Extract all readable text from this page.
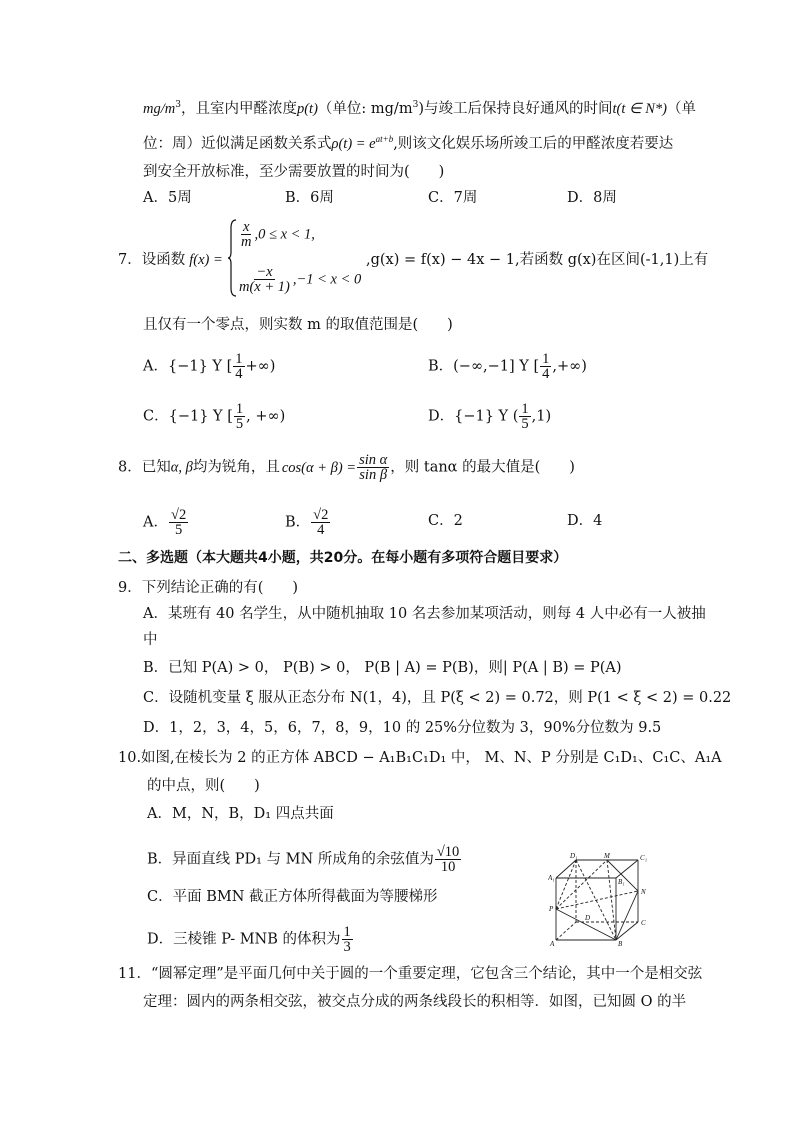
$mg/m^3$，且室内甲醛浓度p(t)（单位: $mg/m^3$)与竣工后保持良好通风的时间t(t ∈ N*)（单
位：周）近似满足函数关系式$\rho(t) = e^{at+b}$,则该文化娱乐场所竣工后的甲醛浓度若要达
到安全开放标准，至少需要放置的时间为(　　)
A．5周	B．6周	C．7周	D．8周
7．设函数 f(x) =
$\frac{x}{m} ,0 \le x < 1$,
$\frac{-x}{m(x + 1)} ,-1 < x < 0$
,g(x) = f(x) − 4x − 1,若函数 g(x)在区间(-1,1)上有
且仅有一个零点，则实数 m 的取值范围是(　　)
A．{−1} Y [ $\frac{1}{4}$ +∞)	B．(−∞,−1] Y [ $\frac{1}{4}$ ,+∞)
C．{−1} Y [ $\frac{1}{5}$ , +∞)	D．{−1} Y ( $\frac{1}{5} ,1$)
8．已知α, β均为锐角，且 $\cos(\alpha + \beta) = \frac{\text{sin α}}{\text{sin β}}$ ，则 tanα 的最大值是(　　)
A． $\frac{√2}{5}$	B． $\frac{√2}{4}$	C．2	D．4
二、多选题（本大题共4小题，共20分。在每小题有多项符合题目要求）
9．下列结论正确的有(　　)
A．某班有 40 名学生，从中随机抽取 10 名去参加某项活动，则每 4 人中必有一人被抽
中
B．已知 P(A) > 0， P(B) > 0， P(B | A) = P(B)，则| P(A | B) = P(A)
C．设随机变量 ξ 服从正态分布 N(1，4)，且 P(ξ < 2) = 0.72，则 P(1 < ξ < 2) = 0.22
D．1，2，3，4，5，6，7，8，9，10 的 25%分位数为 3，90%分位数为 9.5
10.如图,在棱长为 2 的正方体 ABCD − A₁B₁C₁D₁ 中， M、N、P 分别是 C₁D₁、C₁C、A₁A
的中点，则(　　)
A．M，N，B，D₁ 四点共面
B．异面直线 PD₁ 与 MN 所成角的余弦值为 $\frac{√10}{10}$
C．平面 BMN 截正方体所得截面为等腰梯形
D．三棱锥 P- MNB 的体积为 $\frac{1}{3}$
D₁	M	C₁
A₁	B₁
N
P
D
C
A	B
11．“圆幂定理”是平面几何中关于圆的一个重要定理，它包含三个结论，其中一个是相交弦
定理：圆内的两条相交弦，被交点分成的两条线段长的积相等．如图，已知圆 O 的半
